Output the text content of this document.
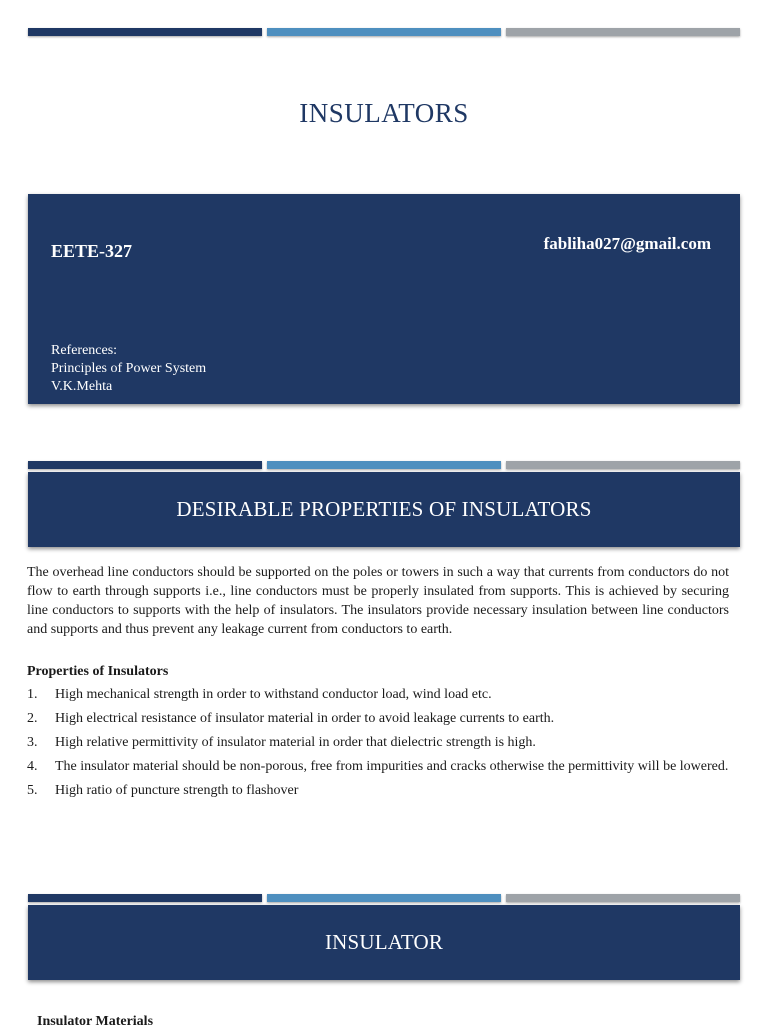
INSULATORS
EETE-327	fabliha027@gmail.com
References:
Principles of Power System
V.K.Mehta
DESIRABLE PROPERTIES OF INSULATORS

The overhead line conductors should be supported on the poles or towers in such a way that currents from conductors do not flow to earth through supports i.e., line conductors must be properly insulated from supports. This is achieved by securing line conductors to supports with the help of insulators. The insulators provide necessary insulation between line conductors and supports and thus prevent any leakage current from conductors to earth.

Properties of Insulators
1.	High mechanical strength in order to withstand conductor load, wind load etc.
2.	High electrical resistance of insulator material in order to avoid leakage currents to earth.
3.	High relative permittivity of insulator material in order that dielectric strength is high.
4.	The insulator material should be non-porous, free from impurities and cracks otherwise the permittivity will be lowered.
5.	High ratio of puncture strength to flashover
INSULATOR
Insulator Materials
